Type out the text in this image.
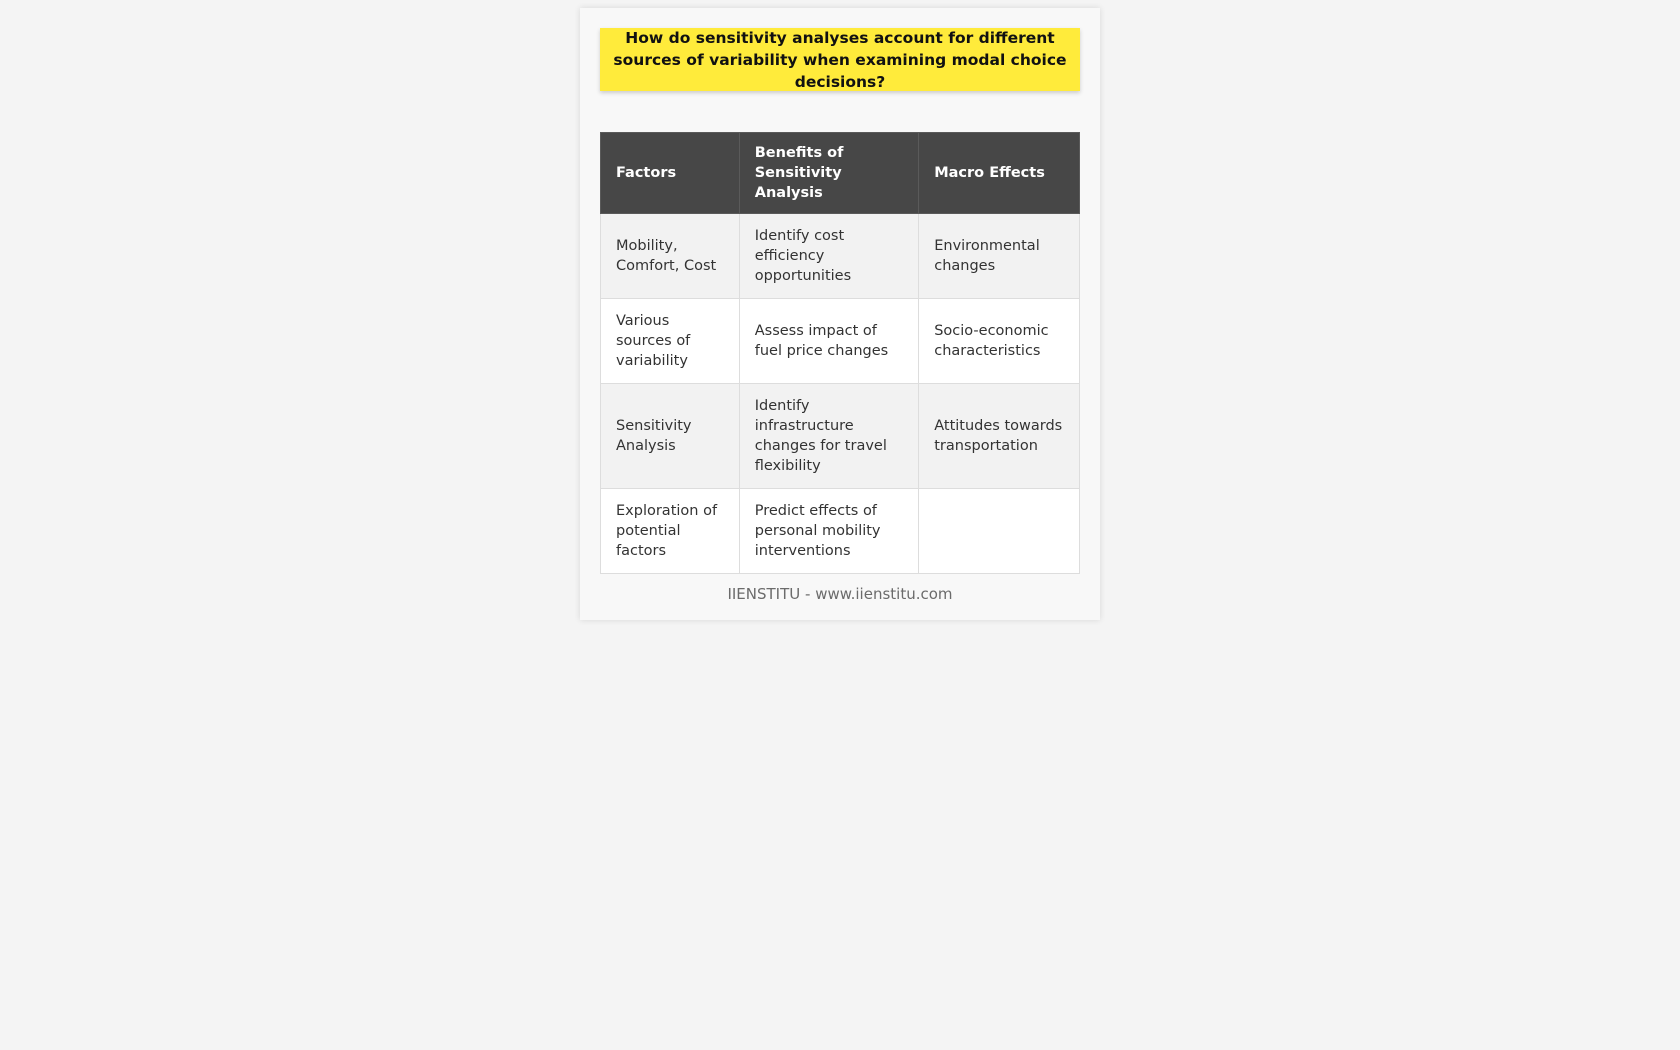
How do sensitivity analyses account for different sources of variability when examining modal choice decisions?
Factors	Benefits of Sensitivity Analysis	Macro Effects
Mobility, Comfort, Cost	Identify cost efficiency opportunities	Environmental changes
Various sources of variability	Assess impact of fuel price changes	Socio-economic characteristics
Sensitivity Analysis	Identify infrastructure changes for travel flexibility	Attitudes towards transportation
Exploration of potential factors	Predict effects of personal mobility interventions	
IIENSTITU - www.iienstitu.com
